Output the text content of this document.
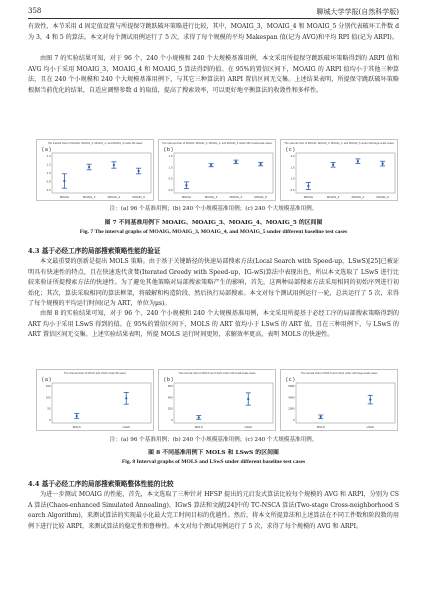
358	聊城大学学报(自然科学版)

有效性，本节采用 d 固定值设置与所提保守跳跃破坏策略进行比较，其中，MOAIG_3，MOAIG_4 和 MOAIG_5 分别代表破坏工件数 d 为 3，4 和 5 的算法。本文对每个测试用例运行了 5 次，求得了每个规模的平均 Makespan 值(记为 AVG)和平均 RPI 值(记为 ARPI)。

由图 7 的实验结果可知，对于 96 个、240 个小规模和 240 个大规模基准用例，本文采用所提保守跳跃破坏策略得到的 ARPI 值和 AVG 均小于采用 MOAIG_3，MOAIG_4 和 MOAIG_5 算法得到的值。在 95%的置信区间下，MOAIG 的 ARPI 值均小于其他三种算法，且在 240 个小规模和 240 个大规模基准用例下，与其它三种算法的 ARPI 置信区间无交集。上述结果表明，所提保守跳跃破坏策略根据当前优化的结果，自适应调整参数 d 的取值，提高了搜索效率，可以更好地平衡算法的收敛性和多样性。

The interval chart of MOAIG, MOAIG_3, MOAIG_4, and MOAIG_5 under 96 cases
( a )
1.4
1.2
1.0
0.8
0.6
MOAIG	MOAIG_3	MOAIG_4	MOAIG_5
The interval chart of MOAIG, MOAIG_3, MOAIG_4, and MOAIG_5 under 240 small-scale cases
( b )
1.5
1.0
0.5
0.0
MOAIG	MOAIG_3	MOAIG_4	MOAIG_5
The interval chart of MOAIG, MOAIG_3, MOAIG_4, and MOAIG_5 under 240 large-scale cases
( c )
2.0
1.5
1.0
0.5
MOAIG	MOAIG_3	MOAIG_4	MOAIG_5

注：(a) 96 个基准用例；(b) 240 个小规模基准用例；(c) 240 个大规模基准用例。

图 7 不同基准用例下 MOAIG、MOAIG_3、MOAIG_4、MOAIG_5 的区间图

Fig. 7 The interval graphs of MOAIG, MOAIG_3, MOAIG_4, and MOAIG_5 under different baseline test cases

4.3 基于必经工序的局部搜索策略性能的验证

本文最重要的创新是提出 MOLS 策略。由于基于关键路径的快速局部搜索方法(Local Search with Speed-up，LSwS)[25]已被证明具有快速性的特点，且在快速迭代贪婪(Iterated Greedy with Speed-up，IG-wS)算法中表现出色，所以本文选取了 LSwS 进行比较来验证所提搜索方法的快速性。为了避免其他策略对局部搜索策略产生的影响，首先，这两种局部搜索方法采用相同的初始序列进行初始化；其次，算法采取相同的算法框架，将破解和构造阶段、然后执行局部搜索。本文对每个测试用例运行一轮，总共运行了 5 次，求得了每个规模的平均运行时间(记为 ART，单位为μs)。

由图 8 的实验结果可知，对于 96 个、240 个小规模和 240 个大规模基准用例，本文采用所提基于必经工序的局部搜索策略得到的 ART 均小于采用 LSwS 得到的值。在 95%的置信区间下，MOLS 的 ART 值均小于 LSwS 的 ART 值，且在三种用例下，与 LSwS 的 ART 置信区间无交集。上述实验结果表明，所提 MOLS 运行时间更短，求解效率更高，表明 MOLS 的快速性。

The interval chart of MOLS and LSwS under 96 cases
( a )
150
100
50
0
MOLS	LSwS
The interval chart of MOLS and LSwS under 240 small-scale cases
( b )
600
400
200
0
MOLS	LSwS
The interval chart of MOLS and LSwS under 240 large-scale cases
( c )
6000
4000
2000
0
MOLS	LSwS

注：(a) 96 个基准用例；(b) 240 个小规模基准用例；(c) 240 个大规模基准用例。

图 8 不同基准用例下 MOLS 和 LSwS 的区间图

Fig. 8 Interval graphs of MOLS and LSwS under different baseline test cases

4.4 基于必经工序的局部搜索策略整体性能的比较

为进一步测试 MOAIG 的性能，首先，本文选取了三种针对 HFSP 提出的元启发式算法比较每个规模的 AVG 和 ARPI，分别为 CSA 算法(Chaos-enhanced Simulated Annealing)、IGwS 算法和文献[24]中的 TC-NSCA 算法(Two-stage Cross-neighborhood Search Algorithm)，来测试算法的实现最小化最大完工时间目标的优越性。然后，将本文所提算法和上述算法在不同工件数和阶段数的用例下进行比较 ARPI，来测试算法的稳定性和鲁棒性。本文对每个测试用例运行了 5 次，求得了每个规模的 AVG 和 ARPI。
